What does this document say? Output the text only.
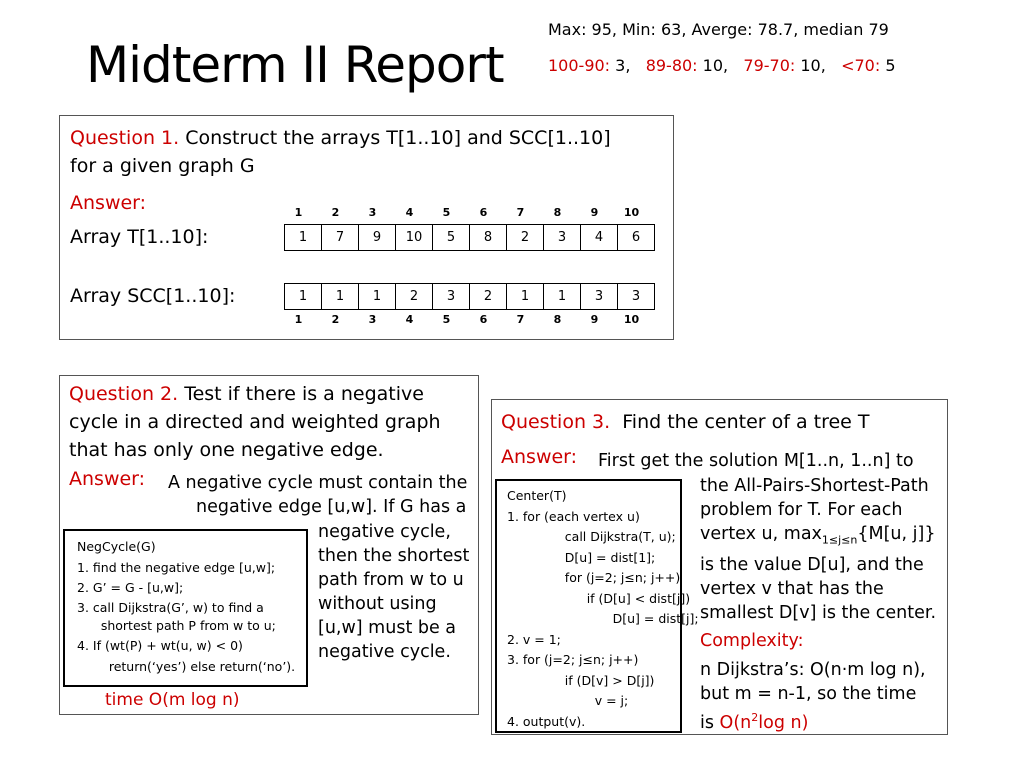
Midterm II Report
Max: 95, Min: 63, Averge: 78.7, median 79
100-90: 3, 89-80: 10, 79-70: 10, <70: 5
Question 1. Construct the arrays T[1..10] and SCC[1..10]
for a given graph G
Answer:
Array T[1..10]:
Array SCC[1..10]:
1	2	3	4	5	6	7	8	9	10
1	7	9	10	5	8	2	3	4	6
1	1	1	2	3	2	1	1	3	3
1	2	3	4	5	6	7	8	9	10
Question 2. Test if there is a negative
cycle in a directed and weighted graph
that has only one negative edge.
Answer: A negative cycle must contain the
negative edge [u,w]. If G has a
negative cycle,
then the shortest
path from w to u
without using
[u,w] must be a
negative cycle.
NegCycle(G)
1. find the negative edge [u,w];
2. G’ = G - [u,w];
3. call Dijkstra(G’, w) to find a
shortest path P from w to u;
4. If (wt(P) + wt(u, w) < 0)
return(‘yes’) else return(‘no’).
time O(m log n)
Question 3. Find the center of a tree T
Answer: First get the solution M[1..n, 1..n] to
the All-Pairs-Shortest-Path
problem for T. For each
vertex u, $\max_{1\le j\le n}\{M[u$, j]}
is the value D[u], and the
vertex v that has the
smallest D[v] is the center.
Complexity:
n Dijkstra’s: O(n·m log n),
but m = n-1, so the time
is $O(n^2\log$ n)
Center(T)
1. for (each vertex u)
call Dijkstra(T, u);
D[u] = dist[1];
for (j=2; j≤n; j++)
if (D[u] < dist[j])
D[u] = dist[j];
2. v = 1;
3. for (j=2; j≤n; j++)
if (D[v] > D[j])
v = j;
4. output(v).
